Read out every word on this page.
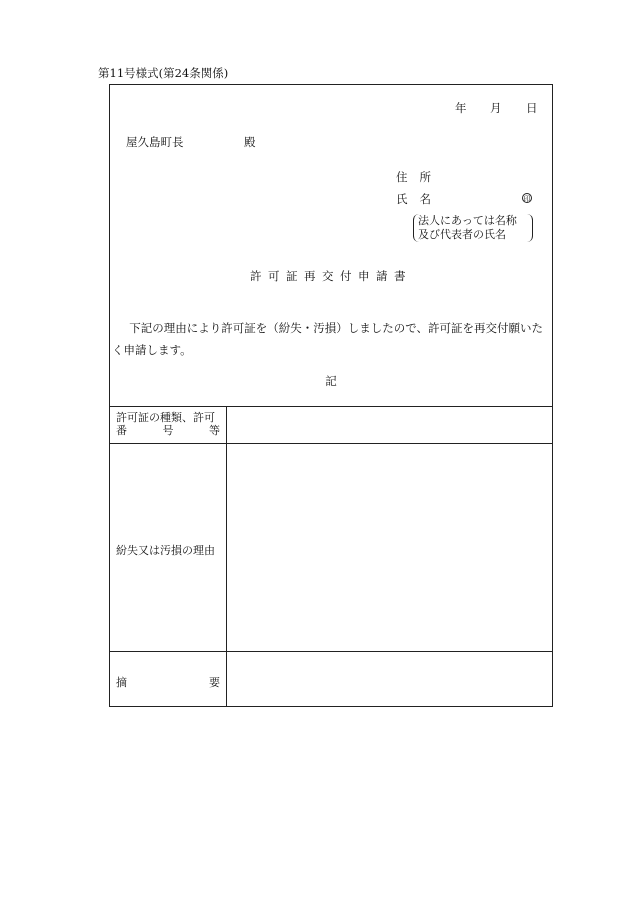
第11号様式(第24条関係)
年 月 日
屋久島町長	殿
住 所
氏 名	印
法人にあっては名称
及び代表者の氏名
許可証再交付申請書
下記の理由により許可証を（紛失・汚損）しましたので、許可証を再交付願いたく申請します。
記
許可証の種類、許可
番	号	等
紛失又は汚損の理由
摘	要
